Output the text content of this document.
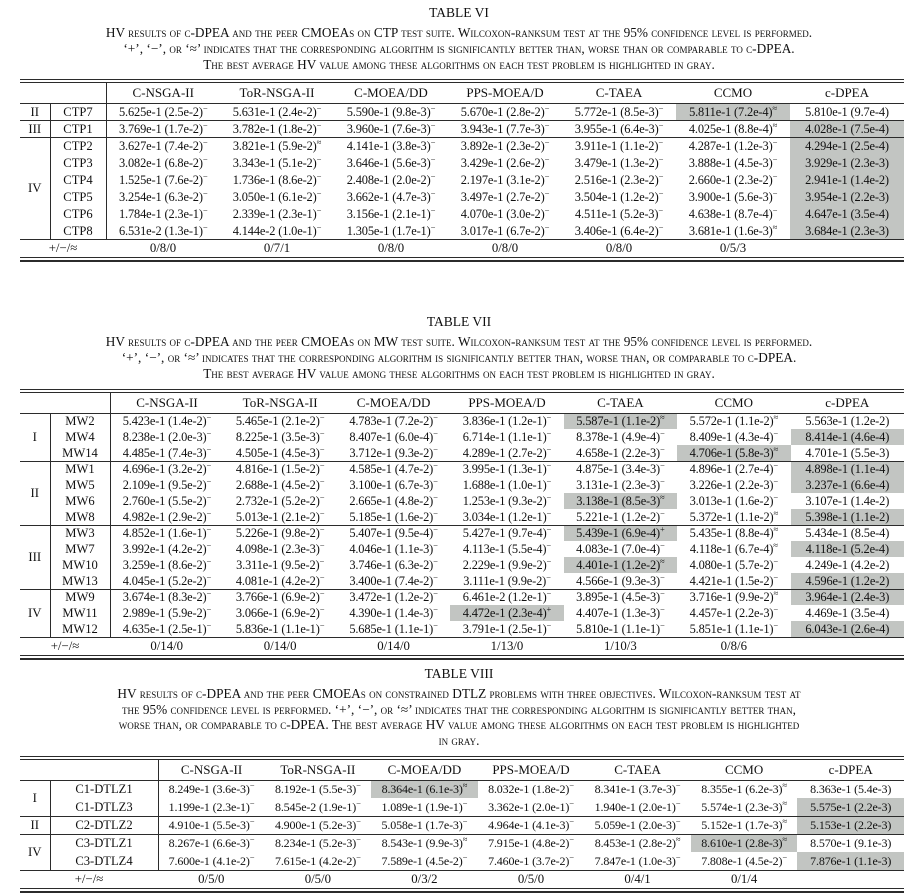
TABLE VI
HV results of c-DPEA and the peer CMOEAs on CTP test suite. Wilcoxon-ranksum test at the 95% confidence level is performed.
‘+’, ‘−’, or ‘≈’ indicates that the corresponding algorithm is significantly better than, worse than or comparable to c-DPEA.
The best average HV value among these algorithms on each test problem is highlighted in gray.
		C-NSGA-II	ToR-NSGA-II	C-MOEA/DD	PPS-MOEA/D	C-TAEA	CCMO	c-DPEA
II	CTP7	5.625e-1 (2.5e-2)−	5.631e-1 (2.4e-2)−	5.590e-1 (9.8e-3)−	5.670e-1 (2.8e-2)−	5.772e-1 (8.5e-3)−	5.811e-1 (7.2e-4)≈	5.810e-1 (9.7e-4)
III	CTP1	3.769e-1 (1.7e-2)−	3.782e-1 (1.8e-2)−	3.960e-1 (7.6e-3)−	3.943e-1 (7.7e-3)−	3.955e-1 (6.4e-3)−	4.025e-1 (8.8e-4)≈	4.028e-1 (7.5e-4)
IV	CTP2	3.627e-1 (7.4e-2)−	3.821e-1 (5.9e-2)≈	4.141e-1 (3.8e-3)−	3.892e-1 (2.3e-2)−	3.911e-1 (1.1e-2)−	4.287e-1 (1.2e-3)−	4.294e-1 (2.5e-4)
	CTP3	3.082e-1 (6.8e-2)−	3.343e-1 (5.1e-2)−	3.646e-1 (5.6e-3)−	3.429e-1 (2.6e-2)−	3.479e-1 (1.3e-2)−	3.888e-1 (4.5e-3)−	3.929e-1 (2.3e-3)
	CTP4	1.525e-1 (7.6e-2)−	1.736e-1 (8.6e-2)−	2.408e-1 (2.0e-2)−	2.197e-1 (3.1e-2)−	2.516e-1 (2.3e-2)−	2.660e-1 (2.3e-2)−	2.941e-1 (1.4e-2)
	CTP5	3.254e-1 (6.3e-2)−	3.050e-1 (6.1e-2)−	3.662e-1 (4.7e-3)−	3.497e-1 (2.7e-2)−	3.504e-1 (1.2e-2)−	3.900e-1 (5.6e-3)−	3.954e-1 (2.2e-3)
	CTP6	1.784e-1 (2.3e-1)−	2.339e-1 (2.3e-1)−	3.156e-1 (2.1e-1)−	4.070e-1 (3.0e-2)−	4.511e-1 (5.2e-3)−	4.638e-1 (8.7e-4)−	4.647e-1 (3.5e-4)
	CTP8	6.531e-2 (1.3e-1)−	4.144e-2 (1.0e-1)−	1.305e-1 (1.7e-1)−	3.017e-1 (6.7e-2)−	3.406e-1 (6.4e-2)−	3.681e-1 (1.6e-3)≈	3.684e-1 (2.3e-3)
+/−/≈		0/8/0	0/7/1	0/8/0	0/8/0	0/8/0	0/5/3	
TABLE VII
HV results of c-DPEA and the peer CMOEAs on MW test suite. Wilcoxon-ranksum test at the 95% confidence level is performed.
‘+’, ‘−’, or ‘≈’ indicates that the corresponding algorithm is significantly better than, worse than, or comparable to c-DPEA.
The best average HV value among these algorithms on each test problem is highlighted in gray.
		C-NSGA-II	ToR-NSGA-II	C-MOEA/DD	PPS-MOEA/D	C-TAEA	CCMO	c-DPEA
I	MW2	5.423e-1 (1.4e-2)−	5.465e-1 (2.1e-2)−	4.783e-1 (7.2e-2)−	3.836e-1 (1.2e-1)−	5.587e-1 (1.1e-2)≈	5.572e-1 (1.1e-2)≈	5.563e-1 (1.2e-2)
	MW4	8.238e-1 (2.0e-3)−	8.225e-1 (3.5e-3)−	8.407e-1 (6.0e-4)−	6.714e-1 (1.1e-1)−	8.378e-1 (4.9e-4)−	8.409e-1 (4.3e-4)−	8.414e-1 (4.6e-4)
	MW14	4.485e-1 (7.4e-3)−	4.505e-1 (4.5e-3)−	3.712e-1 (9.3e-2)−	4.289e-1 (2.7e-2)−	4.658e-1 (2.2e-3)−	4.706e-1 (5.8e-3)≈	4.701e-1 (5.5e-3)
II	MW1	4.696e-1 (3.2e-2)−	4.816e-1 (1.5e-2)−	4.585e-1 (4.7e-2)−	3.995e-1 (1.3e-1)−	4.875e-1 (3.4e-3)−	4.896e-1 (2.7e-4)−	4.898e-1 (1.1e-4)
	MW5	2.109e-1 (9.5e-2)−	2.688e-1 (4.5e-2)−	3.100e-1 (6.7e-3)−	1.688e-1 (1.0e-1)−	3.131e-1 (2.3e-3)−	3.226e-1 (2.2e-3)−	3.237e-1 (6.6e-4)
	MW6	2.760e-1 (5.5e-2)−	2.732e-1 (5.2e-2)−	2.665e-1 (4.8e-2)−	1.253e-1 (9.3e-2)−	3.138e-1 (8.5e-3)≈	3.013e-1 (1.6e-2)−	3.107e-1 (1.4e-2)
	MW8	4.982e-1 (2.9e-2)−	5.013e-1 (2.1e-2)−	5.185e-1 (1.6e-2)−	3.034e-1 (1.2e-1)−	5.221e-1 (1.2e-2)−	5.372e-1 (1.1e-2)≈	5.398e-1 (1.1e-2)
III	MW3	4.852e-1 (1.6e-1)−	5.226e-1 (9.8e-2)−	5.407e-1 (9.5e-4)−	5.427e-1 (9.7e-4)−	5.439e-1 (6.9e-4)+	5.435e-1 (8.8e-4)≈	5.434e-1 (8.5e-4)
	MW7	3.992e-1 (4.2e-2)−	4.098e-1 (2.3e-3)−	4.046e-1 (1.1e-3)−	4.113e-1 (5.5e-4)−	4.083e-1 (7.0e-4)−	4.118e-1 (6.7e-4)≈	4.118e-1 (5.2e-4)
	MW10	3.259e-1 (8.6e-2)−	3.311e-1 (9.5e-2)−	3.746e-1 (6.3e-2)−	2.229e-1 (9.9e-2)−	4.401e-1 (1.2e-2)≈	4.080e-1 (5.7e-2)−	4.249e-1 (4.2e-2)
	MW13	4.045e-1 (5.2e-2)−	4.081e-1 (4.2e-2)−	3.400e-1 (7.4e-2)−	3.111e-1 (9.9e-2)−	4.566e-1 (9.3e-3)−	4.421e-1 (1.5e-2)−	4.596e-1 (1.2e-2)
IV	MW9	3.674e-1 (8.3e-2)−	3.766e-1 (6.9e-2)−	3.472e-1 (1.2e-2)−	6.461e-2 (1.2e-1)−	3.895e-1 (4.5e-3)−	3.716e-1 (9.9e-2)≈	3.964e-1 (2.4e-3)
	MW11	2.989e-1 (5.9e-2)−	3.066e-1 (6.9e-2)−	4.390e-1 (1.4e-3)−	4.472e-1 (2.3e-4)+	4.407e-1 (1.3e-3)−	4.457e-1 (2.2e-3)−	4.469e-1 (3.5e-4)
	MW12	4.635e-1 (2.5e-1)−	5.836e-1 (1.1e-1)−	5.685e-1 (1.1e-1)−	3.791e-1 (2.5e-1)−	5.810e-1 (1.1e-1)−	5.851e-1 (1.1e-1)−	6.043e-1 (2.6e-4)
+/−/≈		0/14/0	0/14/0	0/14/0	1/13/0	1/10/3	0/8/6	
TABLE VIII
HV results of c-DPEA and the peer CMOEAs on constrained DTLZ problems with three objectives. Wilcoxon-ranksum test at
the 95% confidence level is performed. ‘+’, ‘−’, or ‘≈’ indicates that the corresponding algorithm is significantly better than,
worse than, or comparable to c-DPEA. The best average HV value among these algorithms on each test problem is highlighted
in gray.
		C-NSGA-II	ToR-NSGA-II	C-MOEA/DD	PPS-MOEA/D	C-TAEA	CCMO	c-DPEA
I	C1-DTLZ1	8.249e-1 (3.6e-3)−	8.192e-1 (5.5e-3)−	8.364e-1 (6.1e-3)≈	8.032e-1 (1.8e-2)−	8.341e-1 (3.7e-3)−	8.355e-1 (6.2e-3)≈	8.363e-1 (5.4e-3)
	C1-DTLZ3	1.199e-1 (2.3e-1)−	8.545e-2 (1.9e-1)−	1.089e-1 (1.9e-1)−	3.362e-1 (2.0e-1)−	1.940e-1 (2.0e-1)−	5.574e-1 (2.3e-3)≈	5.575e-1 (2.2e-3)
II	C2-DTLZ2	4.910e-1 (5.5e-3)−	4.900e-1 (5.2e-3)−	5.058e-1 (1.7e-3)−	4.964e-1 (4.1e-3)−	5.059e-1 (2.0e-3)−	5.152e-1 (1.7e-3)≈	5.153e-1 (2.2e-3)
IV	C3-DTLZ1	8.267e-1 (6.6e-3)−	8.234e-1 (5.2e-3)−	8.543e-1 (9.9e-3)≈	7.915e-1 (4.8e-2)−	8.453e-1 (2.8e-2)≈	8.610e-1 (2.8e-3)≈	8.570e-1 (9.1e-3)
	C3-DTLZ4	7.600e-1 (4.1e-2)−	7.615e-1 (4.2e-2)−	7.589e-1 (4.5e-2)−	7.460e-1 (3.7e-2)−	7.847e-1 (1.0e-3)−	7.808e-1 (4.5e-2)−	7.876e-1 (1.1e-3)
+/−/≈		0/5/0	0/5/0	0/3/2	0/5/0	0/4/1	0/1/4	
